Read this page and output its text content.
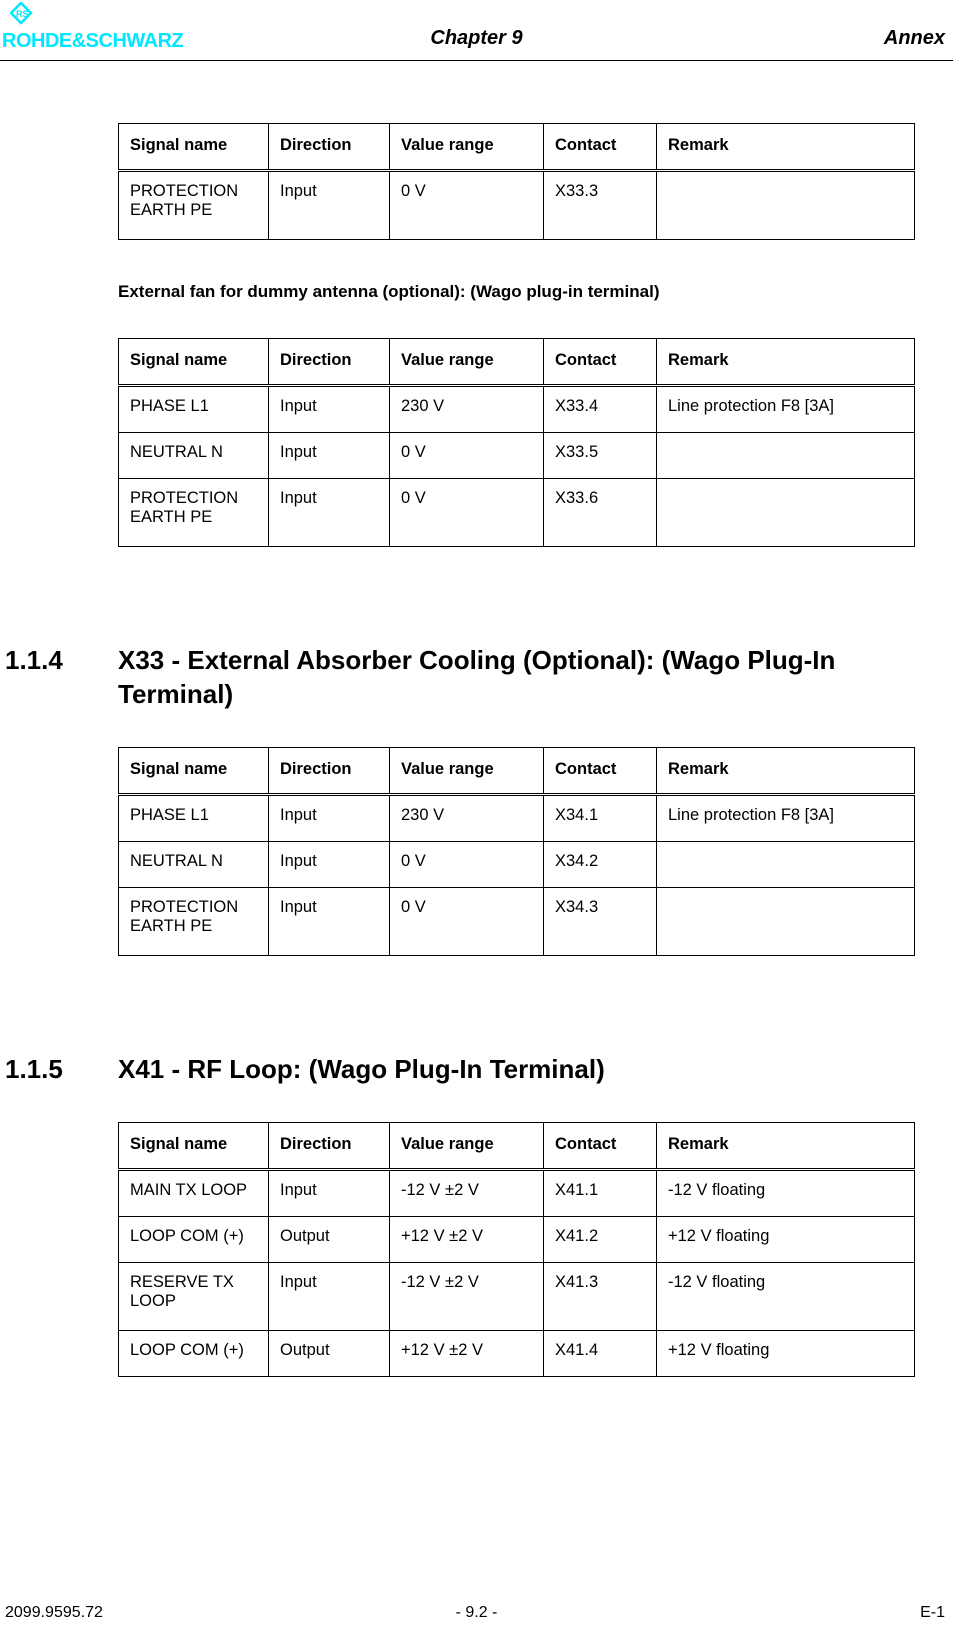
RS
ROHDE&SCHWARZ	Chapter 9	Annex
Signal name	Direction	Value range	Contact	Remark
PROTECTION EARTH PE	Input	0 V	X33.3	
External fan for dummy antenna (optional): (Wago plug-in terminal)
Signal name	Direction	Value range	Contact	Remark
PHASE L1	Input	230 V	X33.4	Line protection F8 [3A]
NEUTRAL N	Input	0 V	X33.5	
PROTECTION EARTH PE	Input	0 V	X33.6	
1.1.4 X33 - External Absorber Cooling (Optional): (Wago Plug-In Terminal)
Signal name	Direction	Value range	Contact	Remark
PHASE L1	Input	230 V	X34.1	Line protection F8 [3A]
NEUTRAL N	Input	0 V	X34.2	
PROTECTION EARTH PE	Input	0 V	X34.3	
1.1.5 X41 - RF Loop: (Wago Plug-In Terminal)
Signal name	Direction	Value range	Contact	Remark
MAIN TX LOOP	Input	-12 V ±2 V	X41.1	-12 V floating
LOOP COM (+)	Output	+12 V ±2 V	X41.2	+12 V floating
RESERVE TX LOOP	Input	-12 V ±2 V	X41.3	-12 V floating
LOOP COM (+)	Output	+12 V ±2 V	X41.4	+12 V floating
2099.9595.72	- 9.2 -	E-1
